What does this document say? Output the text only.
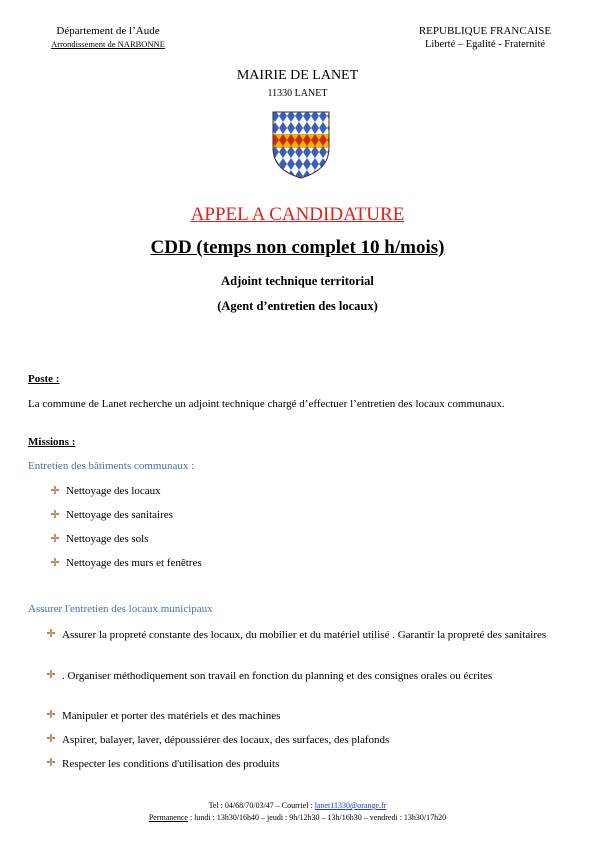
Département de l’Aude
Arrondissement de NARBONNE
REPUBLIQUE FRANCAISE
Liberté – Egalité - Fraternité
MAIRIE DE LANET
11330 LANET
APPEL A CANDIDATURE
CDD (temps non complet 10 h/mois)
Adjoint technique territorial
(Agent d’entretien des locaux)
Poste :
La commune de Lanet recherche un adjoint technique chargé d’effectuer l’entretien des locaux communaux.
Missions :
Entretien des bâtiments communaux :
Nettoyage des locaux
Nettoyage des sanitaires
Nettoyage des sols
Nettoyage des murs et fenêtres
Assurer l'entretien des locaux municipaux
Assurer la propreté constante des locaux, du mobilier et du matériel utilisé . Garantir la propreté des sanitaires
. Organiser méthodiquement son travail en fonction du planning et des consignes orales ou écrites
Manipuler et porter des matériels et des machines
Aspirer, balayer, laver, dépoussiérer des locaux, des surfaces, des plafonds
Respecter les conditions d'utilisation des produits
Tel : 04/68/70/03/47 – Courriel : lanet11330@orange.fr
Permanence : lundi : 13h30/16h40 – jeudi : 9h/12h30 – 13h/16h30 – vendredi : 13h30/17h20
